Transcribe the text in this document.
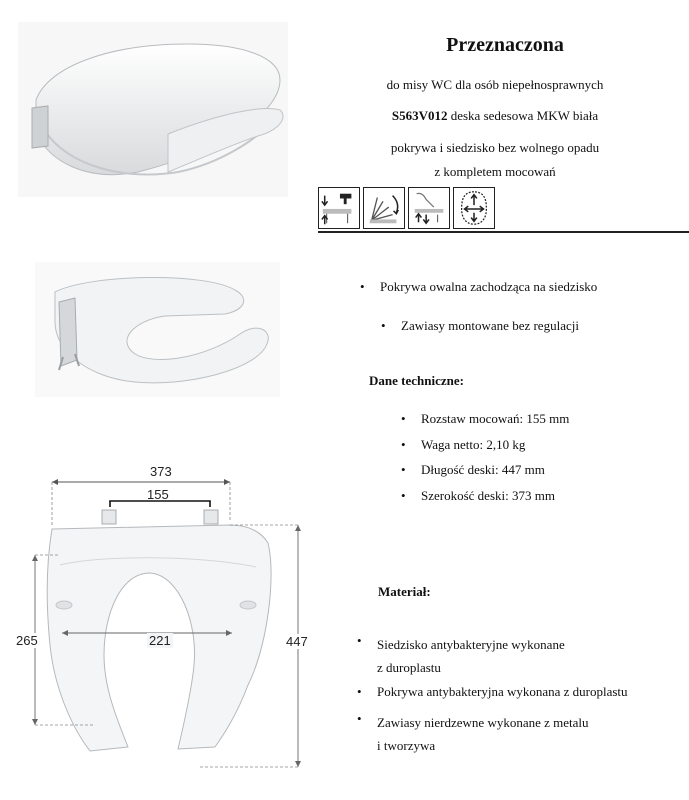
Przeznaczona
do misy WC dla osób niepełnosprawnych
S563V012 deska sedesowa MKW biała
pokrywa i siedzisko bez wolnego opadu
z kompletem mocowań
373
155
221
265	447
•	Pokrywa owalna zachodząca na siedzisko
•	Zawiasy montowane bez regulacji
Dane techniczne:
•	Rozstaw mocowań: 155 mm
•	Waga netto: 2,10 kg
•	Długość deski: 447 mm
•	Szerokość deski: 373 mm
Materiał:
•	Siedzisko antybakteryjne wykonane
z duroplastu
•	Pokrywa antybakteryjna wykonana z duroplastu
•	Zawiasy nierdzewne wykonane z metalu
i tworzywa
